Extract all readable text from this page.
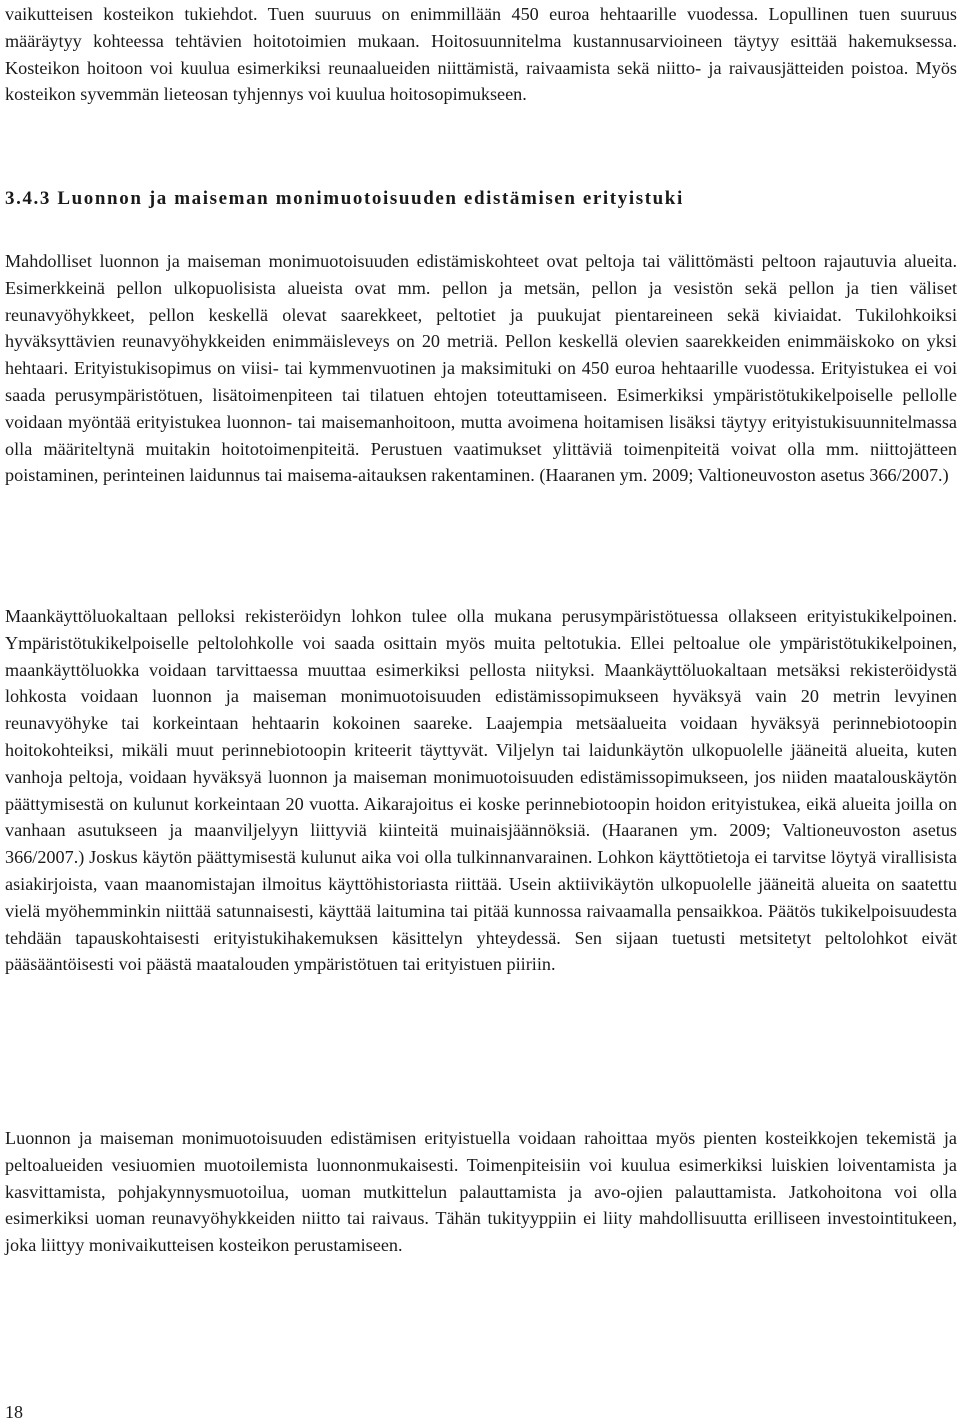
vaikutteisen kosteikon tukiehdot. Tuen suuruus on enimmillään 450 euroa hehtaarille vuodessa. Lopullinen tuen suuruus määräytyy kohteessa tehtävien hoitotoimien mukaan. Hoitosuunnitelma kustannusarvioineen täytyy esittää hakemuksessa. Kosteikon hoitoon voi kuulua esimerkiksi reunaalueiden niittämistä, raivaamista sekä niitto- ja raivausjätteiden poistoa. Myös kosteikon syvemmän lieteosan tyhjennys voi kuulua hoitosopimukseen.

3.4.3 Luonnon ja maiseman monimuotoisuuden edistämisen erityistuki

Mahdolliset luonnon ja maiseman monimuotoisuuden edistämiskohteet ovat peltoja tai välittömästi peltoon rajautuvia alueita. Esimerkkeinä pellon ulkopuolisista alueista ovat mm. pellon ja metsän, pellon ja vesistön sekä pellon ja tien väliset reunavyöhykkeet, pellon keskellä olevat saarekkeet, peltotiet ja puukujat pientareineen sekä kiviaidat. Tukilohkoiksi hyväksyttävien reunavyöhykkeiden enimmäisleveys on 20 metriä. Pellon keskellä olevien saarekkeiden enimmäiskoko on yksi hehtaari. Erityistukisopimus on viisi- tai kymmenvuotinen ja maksimituki on 450 euroa hehtaarille vuodessa. Erityistukea ei voi saada perusympäristötuen, lisätoimenpiteen tai tilatuen ehtojen toteuttamiseen. Esimerkiksi ympäristötukikelpoiselle pellolle voidaan myöntää erityistukea luonnon- tai maisemanhoitoon, mutta avoimena hoitamisen lisäksi täytyy erityistukisuunnitelmassa olla määriteltynä muitakin hoitotoimenpiteitä. Perustuen vaatimukset ylittäviä toimenpiteitä voivat olla mm. niittojätteen poistaminen, perinteinen laidunnus tai maisema-aitauksen rakentaminen. (Haaranen ym. 2009; Valtioneuvoston asetus 366/2007.)

Maankäyttöluokaltaan pelloksi rekisteröidyn lohkon tulee olla mukana perusympäristötuessa ollakseen erityistukikelpoinen. Ympäristötukikelpoiselle peltolohkolle voi saada osittain myös muita peltotukia. Ellei peltoalue ole ympäristötukikelpoinen, maankäyttöluokka voidaan tarvittaessa muuttaa esimerkiksi pellosta niityksi. Maankäyttöluokaltaan metsäksi rekisteröidystä lohkosta voidaan luonnon ja maiseman monimuotoisuuden edistämissopimukseen hyväksyä vain 20 metrin levyinen reunavyöhyke tai korkeintaan hehtaarin kokoinen saareke. Laajempia metsäalueita voidaan hyväksyä perinnebiotoopin hoitokohteiksi, mikäli muut perinnebiotoopin kriteerit täyttyvät. Viljelyn tai laidunkäytön ulkopuolelle jääneitä alueita, kuten vanhoja peltoja, voidaan hyväksyä luonnon ja maiseman monimuotoisuuden edistämissopimukseen, jos niiden maatalouskäytön päättymisestä on kulunut korkeintaan 20 vuotta. Aikarajoitus ei koske perinnebiotoopin hoidon erityistukea, eikä alueita joilla on vanhaan asutukseen ja maanviljelyyn liittyviä kiinteitä muinaisjäännöksiä. (Haaranen ym. 2009; Valtioneuvoston asetus 366/2007.) Joskus käytön päättymisestä kulunut aika voi olla tulkinnanvarainen. Lohkon käyttötietoja ei tarvitse löytyä virallisista asiakirjoista, vaan maanomistajan ilmoitus käyttöhistoriasta riittää. Usein aktiivikäytön ulkopuolelle jääneitä alueita on saatettu vielä myöhemminkin niittää satunnaisesti, käyttää laitumina tai pitää kunnossa raivaamalla pensaikkoa. Päätös tukikelpoisuudesta tehdään tapauskohtaisesti erityistukihakemuksen käsittelyn yhteydessä. Sen sijaan tuetusti metsitetyt peltolohkot eivät pääsääntöisesti voi päästä maatalouden ympäristötuen tai erityistuen piiriin.

Luonnon ja maiseman monimuotoisuuden edistämisen erityistuella voidaan rahoittaa myös pienten kosteikkojen tekemistä ja peltoalueiden vesiuomien muotoilemista luonnonmukaisesti. Toimenpiteisiin voi kuulua esimerkiksi luiskien loiventamista ja kasvittamista, pohjakynnysmuotoilua, uoman mutkittelun palauttamista ja avo-ojien palauttamista. Jatkohoitona voi olla esimerkiksi uoman reunavyöhykkeiden niitto tai raivaus. Tähän tukityyppiin ei liity mahdollisuutta erilliseen investointitukeen, joka liittyy monivaikutteisen kosteikon perustamiseen.

18
